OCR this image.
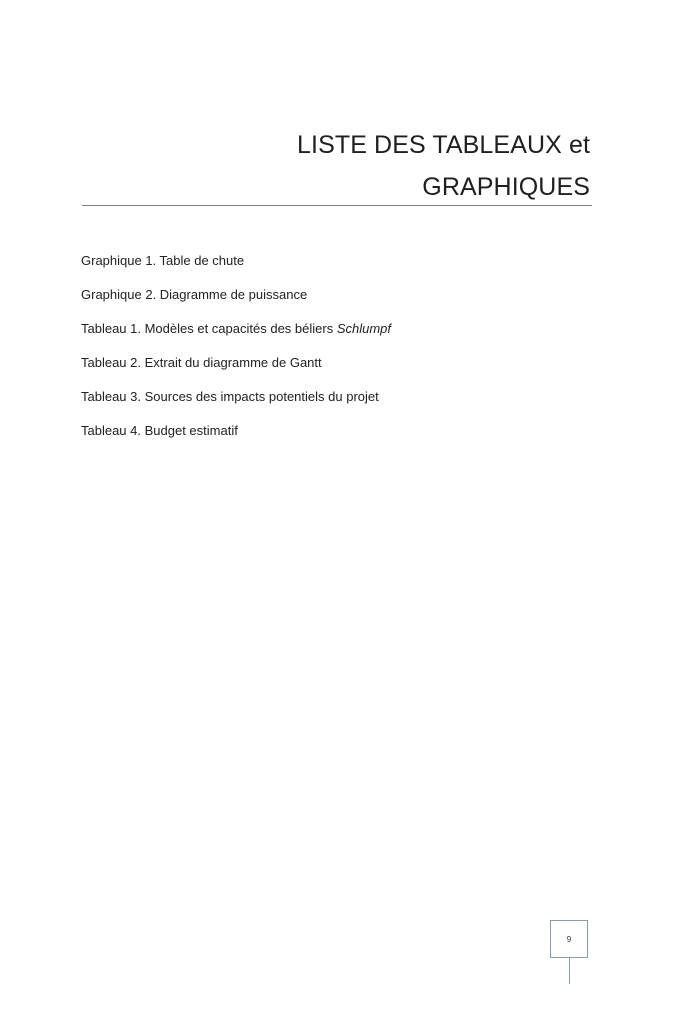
LISTE DES TABLEAUX et
GRAPHIQUES
Graphique 1. Table de chute
Graphique 2. Diagramme de puissance
Tableau 1. Modèles et capacités des béliers Schlumpf
Tableau 2. Extrait du diagramme de Gantt
Tableau 3. Sources des impacts potentiels du projet
Tableau 4. Budget estimatif
9
